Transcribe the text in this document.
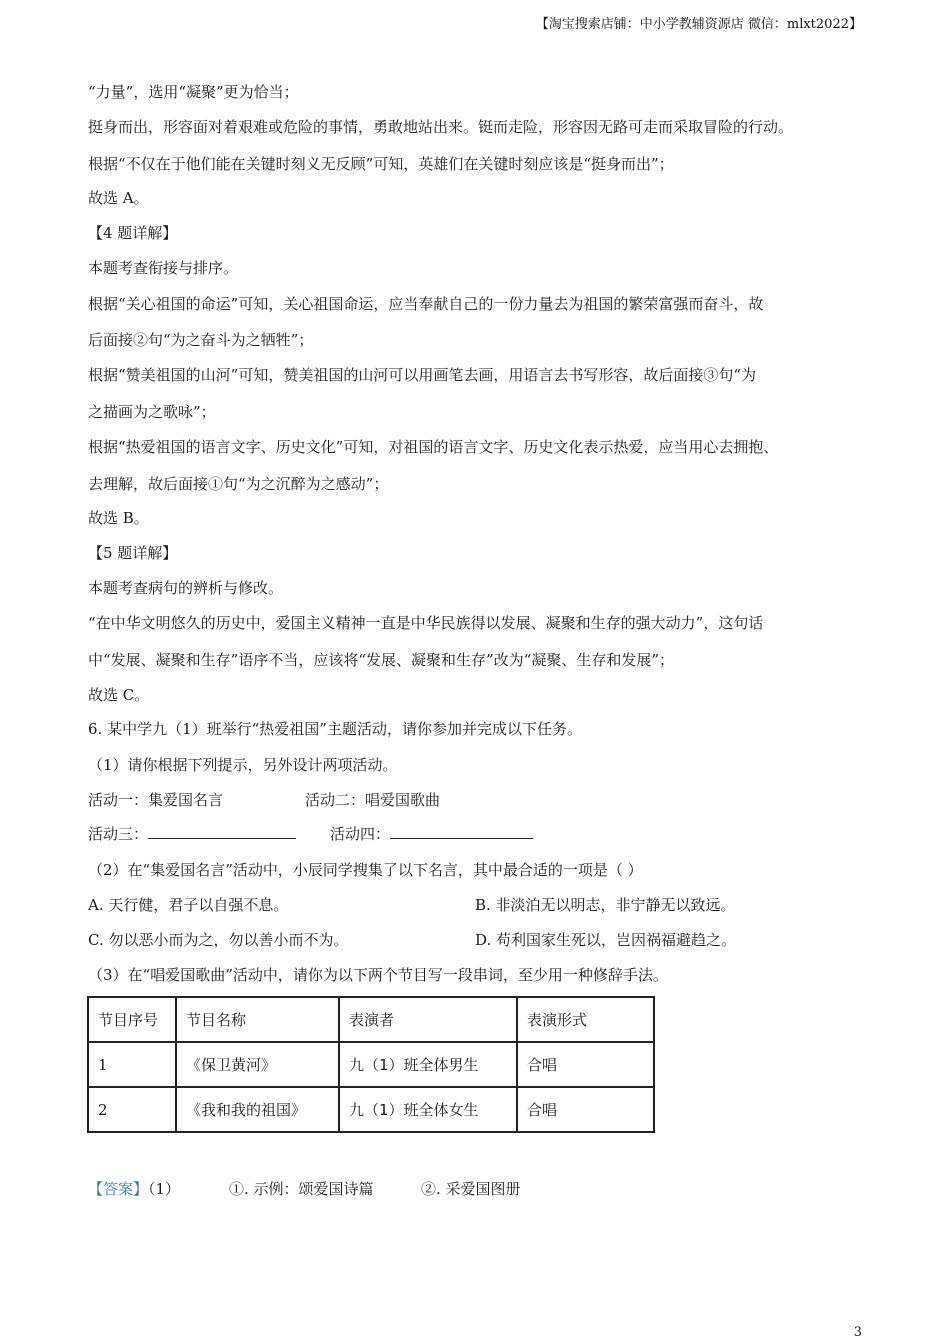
【淘宝搜索店铺：中小学教辅资源店 微信：mlxt2022】
“力量”，选用“凝聚”更为恰当；
挺身而出，形容面对着艰难或危险的事情，勇敢地站出来。铤而走险，形容因无路可走而采取冒险的行动。
根据“不仅在于他们能在关键时刻义无反顾”可知，英雄们在关键时刻应该是“挺身而出”；
故选 A。
【4 题详解】
本题考查衔接与排序。
根据“关心祖国的命运”可知，关心祖国命运，应当奉献自己的一份力量去为祖国的繁荣富强而奋斗，故
后面接②句“为之奋斗为之牺牲”；
根据“赞美祖国的山河”可知，赞美祖国的山河可以用画笔去画，用语言去书写形容，故后面接③句“为
之描画为之歌咏”；
根据“热爱祖国的语言文字、历史文化”可知，对祖国的语言文字、历史文化表示热爱，应当用心去拥抱、
去理解，故后面接①句“为之沉醉为之感动”；
故选 B。
【5 题详解】
本题考查病句的辨析与修改。
“在中华文明悠久的历史中，爱国主义精神一直是中华民族得以发展、凝聚和生存的强大动力”，这句话
中“发展、凝聚和生存”语序不当，应该将“发展、凝聚和生存”改为“凝聚、生存和发展”；
故选 C。
6. 某中学九（1）班举行“热爱祖国”主题活动，请你参加并完成以下任务。
（1）请你根据下列提示，另外设计两项活动。
活动一：集爱国名言	活动二：唱爱国歌曲
活动三：	活动四：
（2）在“集爱国名言”活动中，小辰同学搜集了以下名言，其中最合适的一项是（ ）
A. 天行健，君子以自强不息。	B. 非淡泊无以明志，非宁静无以致远。
C. 勿以恶小而为之，勿以善小而不为。	D. 苟利国家生死以，岂因祸福避趋之。
（3）在“唱爱国歌曲”活动中，请你为以下两个节目写一段串词，至少用一种修辞手法。
节目序号	节目名称	表演者	表演形式
1	《保卫黄河》	九（1）班全体男生	合唱
2	《我和我的祖国》	九（1）班全体女生	合唱
【答案】（1）	①. 示例：颂爱国诗篇	②. 采爱国图册
3
